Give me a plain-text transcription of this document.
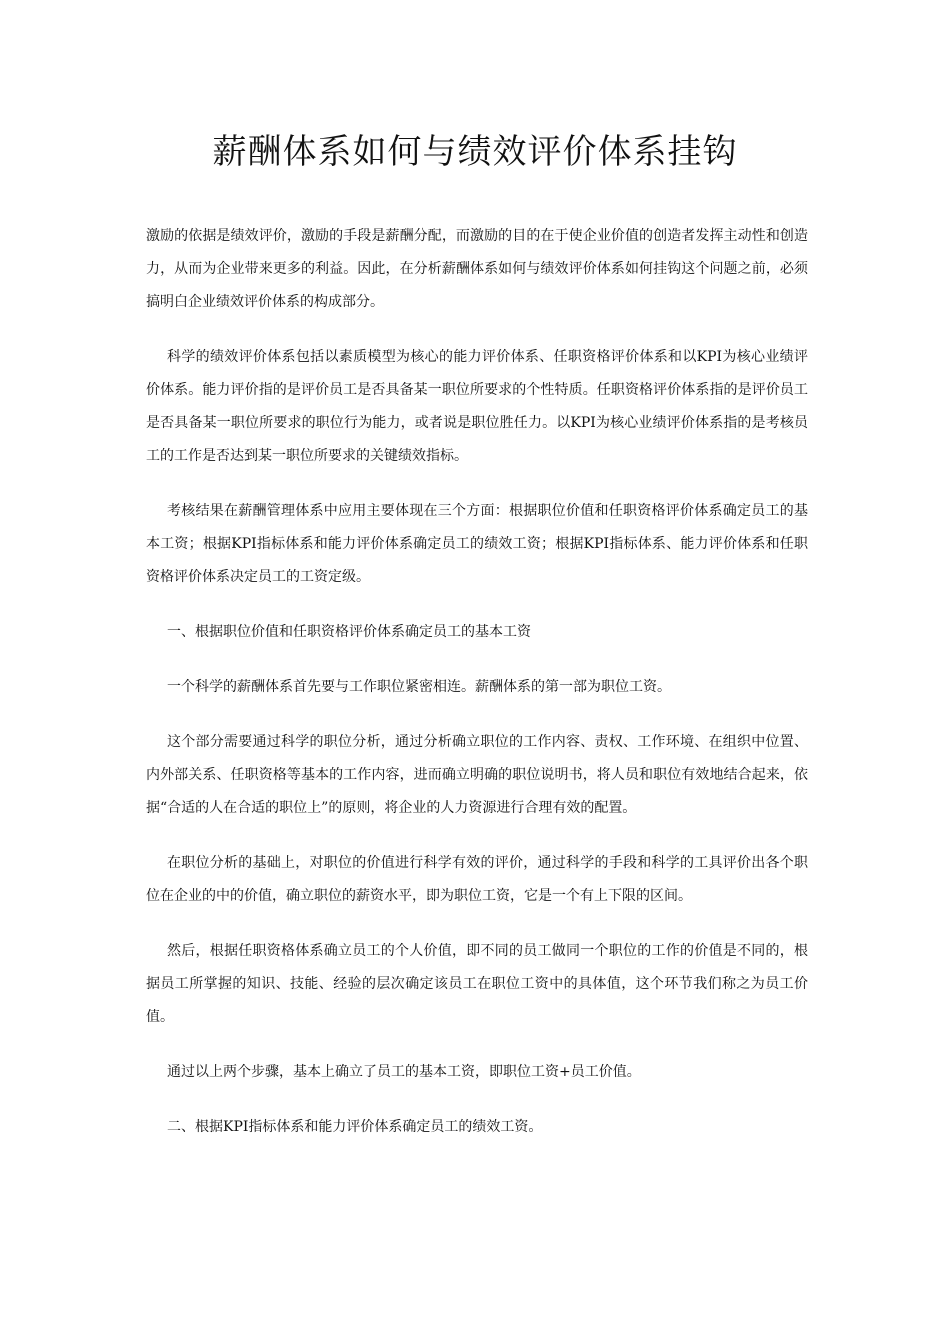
薪酬体系如何与绩效评价体系挂钩

激励的依据是绩效评价，激励的手段是薪酬分配，而激励的目的在于使企业价值的创造者发挥主动性和创造力，从而为企业带来更多的利益。因此，在分析薪酬体系如何与绩效评价体系如何挂钩这个问题之前，必须搞明白企业绩效评价体系的构成部分。

科学的绩效评价体系包括以素质模型为核心的能力评价体系、任职资格评价体系和以KPI为核心业绩评价体系。能力评价指的是评价员工是否具备某一职位所要求的个性特质。任职资格评价体系指的是评价员工是否具备某一职位所要求的职位行为能力，或者说是职位胜任力。以KPI为核心业绩评价体系指的是考核员工的工作是否达到某一职位所要求的关键绩效指标。

考核结果在薪酬管理体系中应用主要体现在三个方面：根据职位价值和任职资格评价体系确定员工的基本工资；根据KPI指标体系和能力评价体系确定员工的绩效工资；根据KPI指标体系、能力评价体系和任职资格评价体系决定员工的工资定级。

一、根据职位价值和任职资格评价体系确定员工的基本工资

一个科学的薪酬体系首先要与工作职位紧密相连。薪酬体系的第一部为职位工资。

这个部分需要通过科学的职位分析，通过分析确立职位的工作内容、责权、工作环境、在组织中位置、内外部关系、任职资格等基本的工作内容，进而确立明确的职位说明书，将人员和职位有效地结合起来，依据“合适的人在合适的职位上”的原则，将企业的人力资源进行合理有效的配置。

在职位分析的基础上，对职位的价值进行科学有效的评价，通过科学的手段和科学的工具评价出各个职位在企业的中的价值，确立职位的薪资水平，即为职位工资，它是一个有上下限的区间。

然后，根据任职资格体系确立员工的个人价值，即不同的员工做同一个职位的工作的价值是不同的，根据员工所掌握的知识、技能、经验的层次确定该员工在职位工资中的具体值，这个环节我们称之为员工价值。

通过以上两个步骤，基本上确立了员工的基本工资，即职位工资+员工价值。

二、根据KPI指标体系和能力评价体系确定员工的绩效工资。
